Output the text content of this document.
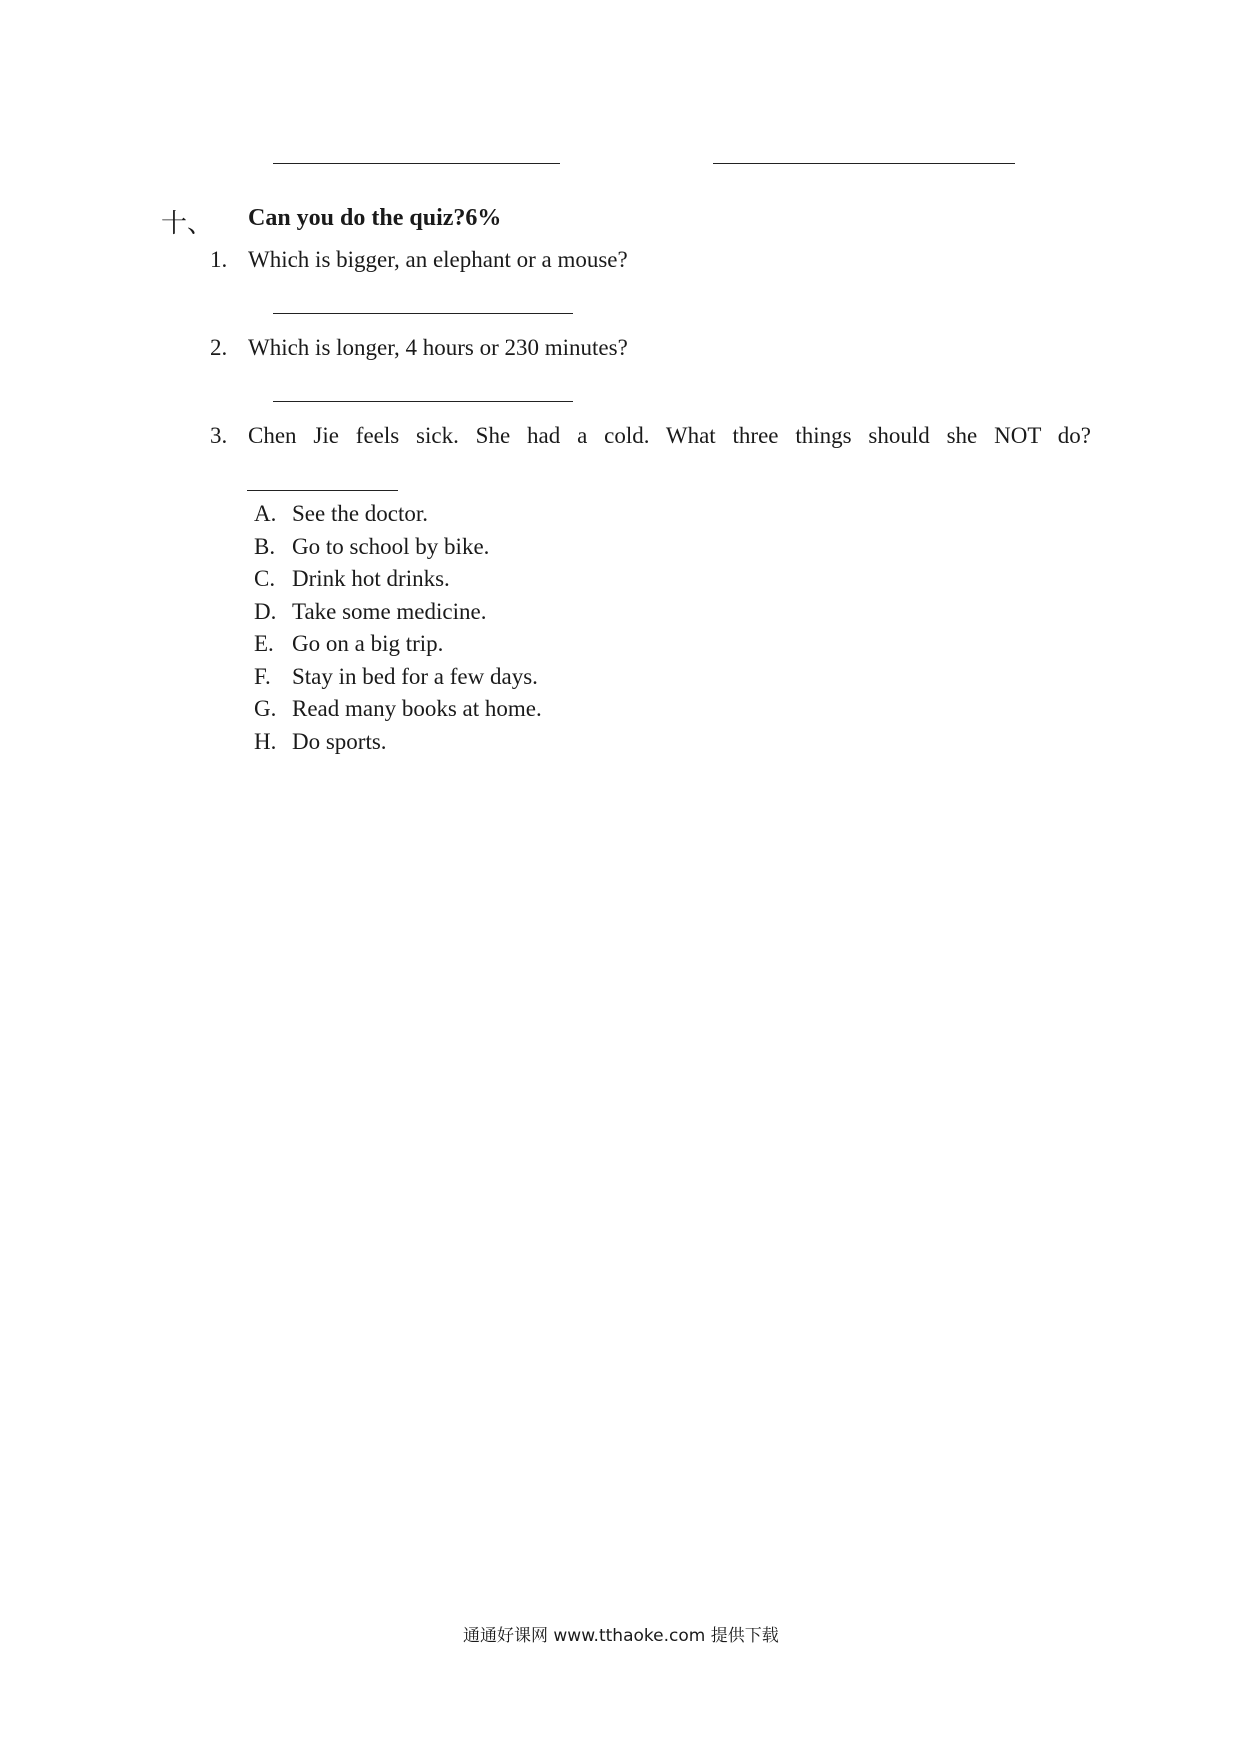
十、 Can you do the quiz?6%
1. Which is bigger, an elephant or a mouse?
2. Which is longer, 4 hours or 230 minutes?
3. Chen Jie feels sick. She had a cold. What three things should she NOT do?
A. See the doctor.
B. Go to school by bike.
C. Drink hot drinks.
D. Take some medicine.
E. Go on a big trip.
F. Stay in bed for a few days.
G. Read many books at home.
H. Do sports.
通通好课网 www.tthaoke.com 提供下载
